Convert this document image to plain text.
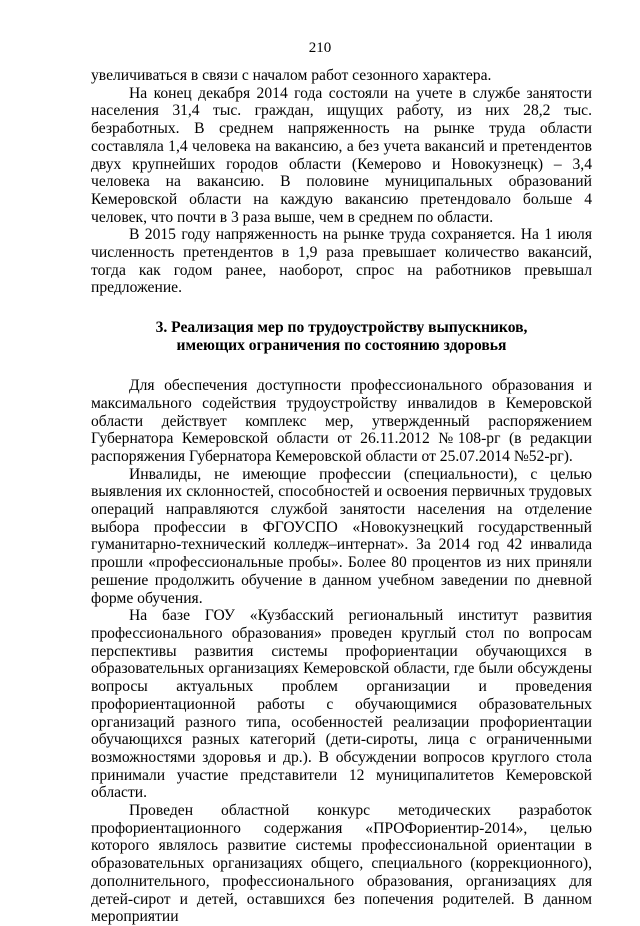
210

увеличиваться в связи с началом работ сезонного характера.

На конец декабря 2014 года состояли на учете в службе занятости населения 31,4 тыс. граждан, ищущих работу, из них 28,2 тыс. безработных. В среднем напряженность на рынке труда области составляла 1,4 человека на вакансию, а без учета вакансий и претендентов двух крупнейших городов области (Кемерово и Новокузнецк) – 3,4 человека на вакансию. В половине муниципальных образований Кемеровской области на каждую вакансию претендовало больше 4 человек, что почти в 3 раза выше, чем в среднем по области.

В 2015 году напряженность на рынке труда сохраняется. На 1 июля численность претендентов в 1,9 раза превышает количество вакансий, тогда как годом ранее, наоборот, спрос на работников превышал предложение.

3. Реализация мер по трудоустройству выпускников,
имеющих ограничения по состоянию здоровья

Для обеспечения доступности профессионального образования и максимального содействия трудоустройству инвалидов в Кемеровской области действует комплекс мер, утвержденный распоряжением Губернатора Кемеровской области от 26.11.2012 №108-рг (в редакции распоряжения Губернатора Кемеровской области от 25.07.2014 №52-рг).

Инвалиды, не имеющие профессии (специальности), с целью выявления их склонностей, способностей и освоения первичных трудовых операций направляются службой занятости населения на отделение выбора профессии в ФГОУСПО «Новокузнецкий государственный гуманитарно-технический колледж–интернат». За 2014 год 42 инвалида прошли «профессиональные пробы». Более 80 процентов из них приняли решение продолжить обучение в данном учебном заведении по дневной форме обучения.

На базе ГОУ «Кузбасский региональный институт развития профессионального образования» проведен круглый стол по вопросам перспективы развития системы профориентации обучающихся в образовательных организациях Кемеровской области, где были обсуждены вопросы актуальных проблем организации и проведения профориентационной работы с обучающимися образовательных организаций разного типа, особенностей реализации профориентации обучающихся разных категорий (дети-сироты, лица с ограниченными возможностями здоровья и др.). В обсуждении вопросов круглого стола принимали участие представители 12 муниципалитетов Кемеровской области.

Проведен областной конкурс методических разработок профориентационного содержания «ПРОФориентир-2014», целью которого являлось развитие системы профессиональной ориентации в образовательных организациях общего, специального (коррекционного), дополнительного, профессионального образования, организациях для детей-сирот и детей, оставшихся без попечения родителей. В данном мероприятии
